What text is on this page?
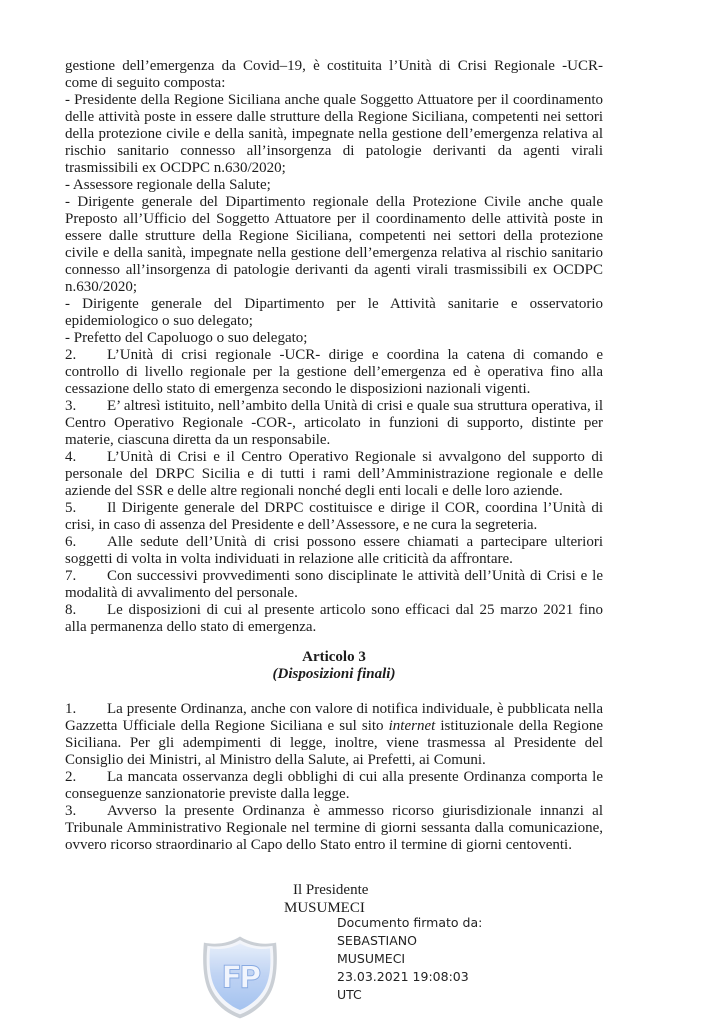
gestione dell’emergenza da Covid–19, è costituita l’Unità di Crisi Regionale -UCR- come di seguito composta:

- Presidente della Regione Siciliana anche quale Soggetto Attuatore per il coordinamento delle attività poste in essere dalle strutture della Regione Siciliana, competenti nei settori della protezione civile e della sanità, impegnate nella gestione dell’emergenza relativa al rischio sanitario connesso all’insorgenza di patologie derivanti da agenti virali trasmissibili ex OCDPC n.630/2020;

- Assessore regionale della Salute;

- Dirigente generale del Dipartimento regionale della Protezione Civile anche quale Preposto all’Ufficio del Soggetto Attuatore per il coordinamento delle attività poste in essere dalle strutture della Regione Siciliana, competenti nei settori della protezione civile e della sanità, impegnate nella gestione dell’emergenza relativa al rischio sanitario connesso all’insorgenza di patologie derivanti da agenti virali trasmissibili ex OCDPC n.630/2020;

- Dirigente generale del Dipartimento per le Attività sanitarie e osservatorio epidemiologico o suo delegato;

- Prefetto del Capoluogo o suo delegato;

2. L’Unità di crisi regionale -UCR- dirige e coordina la catena di comando e controllo di livello regionale per la gestione dell’emergenza ed è operativa fino alla cessazione dello stato di emergenza secondo le disposizioni nazionali vigenti.

3. E’ altresì istituito, nell’ambito della Unità di crisi e quale sua struttura operativa, il Centro Operativo Regionale -COR-, articolato in funzioni di supporto, distinte per materie, ciascuna diretta da un responsabile.

4. L’Unità di Crisi e il Centro Operativo Regionale si avvalgono del supporto di personale del DRPC Sicilia e di tutti i rami dell’Amministrazione regionale e delle aziende del SSR e delle altre regionali nonché degli enti locali e delle loro aziende.

5. Il Dirigente generale del DRPC costituisce e dirige il COR, coordina l’Unità di crisi, in caso di assenza del Presidente e dell’Assessore, e ne cura la segreteria.

6. Alle sedute dell’Unità di crisi possono essere chiamati a partecipare ulteriori soggetti di volta in volta individuati in relazione alle criticità da affrontare.

7. Con successivi provvedimenti sono disciplinate le attività dell’Unità di Crisi e le modalità di avvalimento del personale.

8. Le disposizioni di cui al presente articolo sono efficaci dal 25 marzo 2021 fino alla permanenza dello stato di emergenza.

Articolo 3
(Disposizioni finali)

1. La presente Ordinanza, anche con valore di notifica individuale, è pubblicata nella Gazzetta Ufficiale della Regione Siciliana e sul sito internet istituzionale della Regione Siciliana. Per gli adempimenti di legge, inoltre, viene trasmessa al Presidente del Consiglio dei Ministri, al Ministro della Salute, ai Prefetti, ai Comuni.

2. La mancata osservanza degli obblighi di cui alla presente Ordinanza comporta le conseguenze sanzionatorie previste dalla legge.

3. Avverso la presente Ordinanza è ammesso ricorso giurisdizionale innanzi al Tribunale Amministrativo Regionale nel termine di giorni sessanta dalla comunicazione, ovvero ricorso straordinario al Capo dello Stato entro il termine di giorni centoventi.

Il Presidente
MUSUMECI
Documento firmato da:
SEBASTIANO
MUSUMECI
23.03.2021 19:08:03
UTC
FP
